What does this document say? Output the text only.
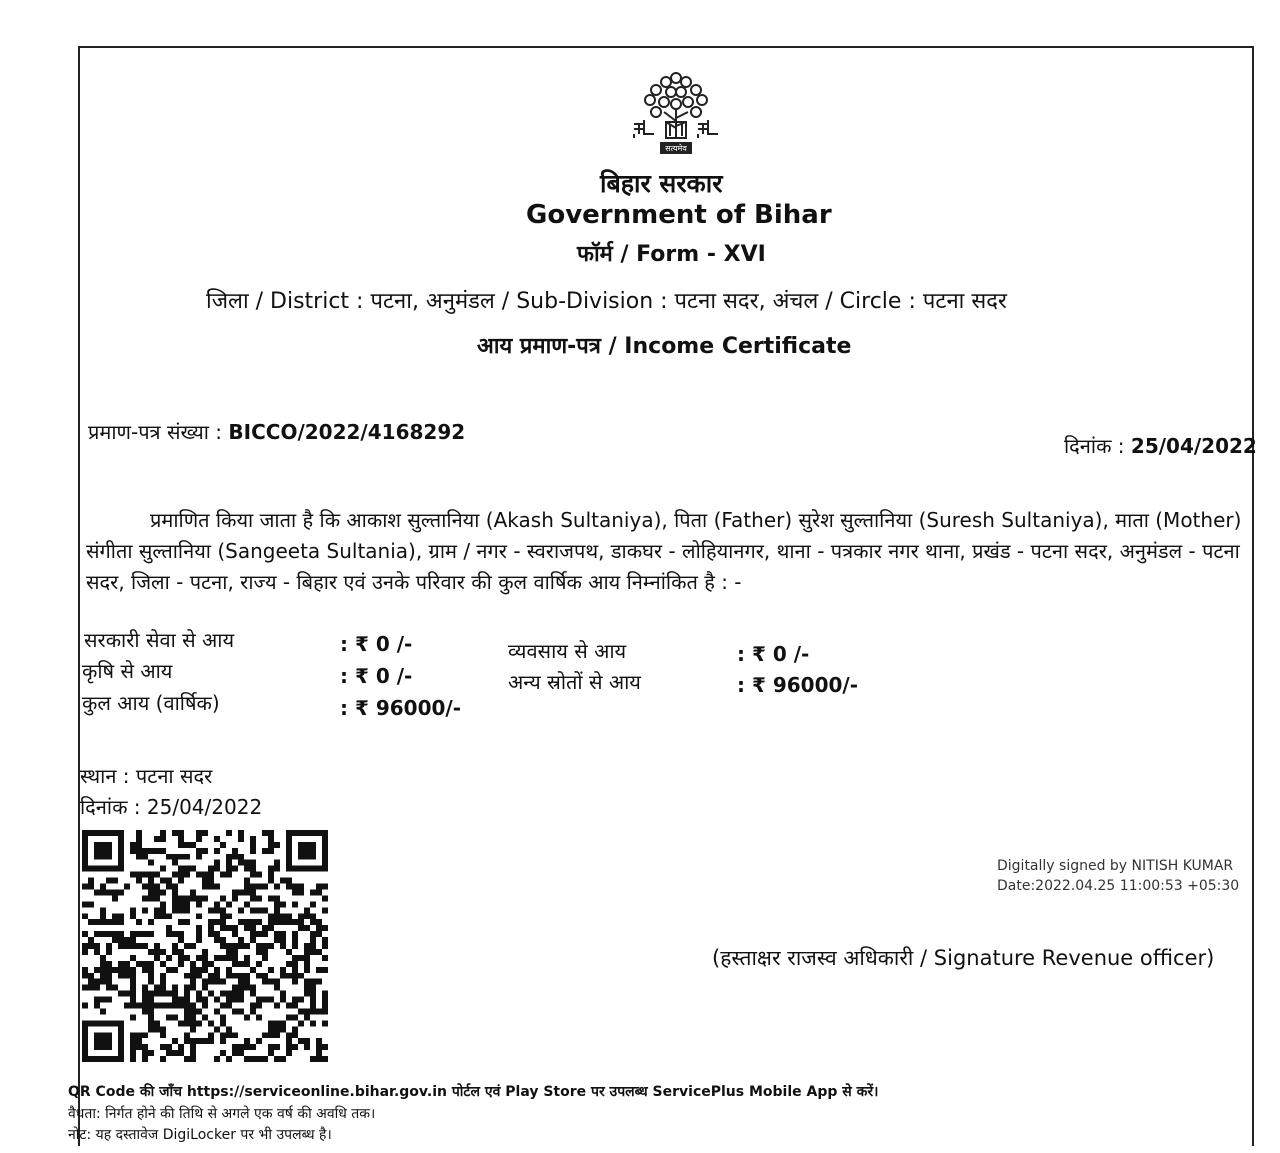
सत्यमेव
बिहार सरकार
Government of Bihar
फॉर्म / Form - XVI
जिला / District : पटना, अनुमंडल / Sub-Division : पटना सदर, अंचल / Circle : पटना सदर
आय प्रमाण-पत्र / Income Certificate
प्रमाण-पत्र संख्या : BICCO/2022/4168292
दिनांक : 25/04/2022
प्रमाणित किया जाता है कि आकाश सुल्तानिया (Akash Sultaniya), पिता (Father) सुरेश सुल्तानिया (Suresh Sultaniya), माता (Mother) संगीता सुल्तानिया (Sangeeta Sultania), ग्राम / नगर - स्वराजपथ, डाकघर - लोहियानगर, थाना - पत्रकार नगर थाना, प्रखंड - पटना सदर, अनुमंडल - पटना सदर, जिला - पटना, राज्य - बिहार एवं उनके परिवार की कुल वार्षिक आय निम्नांकित है : -
सरकारी सेवा से आय	: ₹ 0 /-
कृषि से आय	: ₹ 0 /-
कुल आय (वार्षिक)	: ₹ 96000/-
व्यवसाय से आय	: ₹ 0 /-
अन्य स्रोतों से आय	: ₹ 96000/-
स्थान : पटना सदर
दिनांक : 25/04/2022
Digitally signed by NITISH KUMAR
Date:2022.04.25 11:00:53 +05:30
(हस्ताक्षर राजस्व अधिकारी / Signature Revenue officer)
QR Code की जाँच https://serviceonline.bihar.gov.in पोर्टल एवं Play Store पर उपलब्ध ServicePlus Mobile App से करें।
वैधता: निर्गत होने की तिथि से अगले एक वर्ष की अवधि तक।
नोट: यह दस्तावेज DigiLocker पर भी उपलब्ध है।
